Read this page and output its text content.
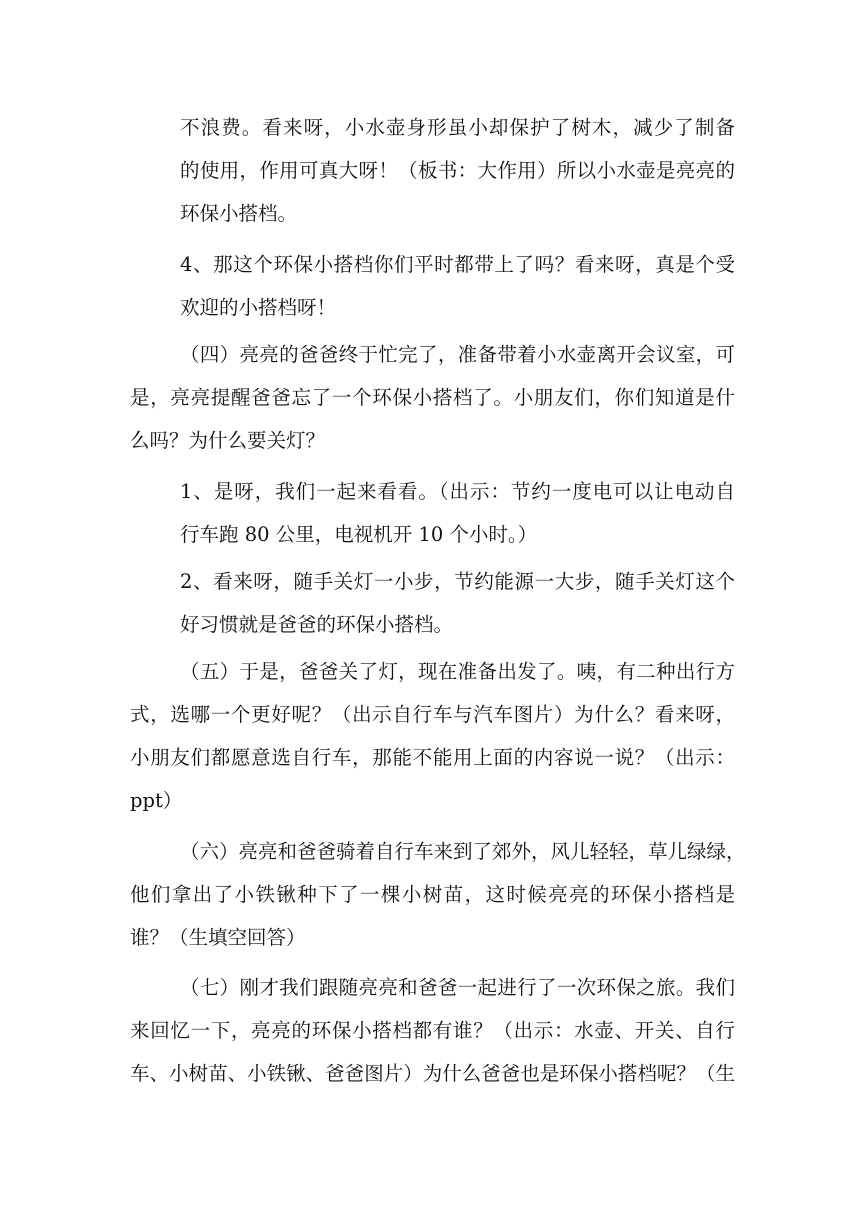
不浪费。看来呀，小水壶身形虽小却保护了树木，减少了制备
的使用，作用可真大呀！（板书：大作用）所以小水壶是亮亮的
环保小搭档。
4、那这个环保小搭档你们平时都带上了吗？看来呀，真是个受
欢迎的小搭档呀！
（四）亮亮的爸爸终于忙完了，准备带着小水壶离开会议室，可
是，亮亮提醒爸爸忘了一个环保小搭档了。小朋友们，你们知道是什
么吗？为什么要关灯？
1、是呀，我们一起来看看。（出示：节约一度电可以让电动自
行车跑 80 公里，电视机开 10 个小时。）
2、看来呀，随手关灯一小步，节约能源一大步，随手关灯这个
好习惯就是爸爸的环保小搭档。
（五）于是，爸爸关了灯，现在准备出发了。咦，有二种出行方
式，选哪一个更好呢？（出示自行车与汽车图片）为什么？看来呀，
小朋友们都愿意选自行车，那能不能用上面的内容说一说？（出示：
ppt）
（六）亮亮和爸爸骑着自行车来到了郊外，风儿轻轻，草儿绿绿，
他们拿出了小铁锹种下了一棵小树苗，这时候亮亮的环保小搭档是
谁？（生填空回答）
（七）刚才我们跟随亮亮和爸爸一起进行了一次环保之旅。我们
来回忆一下，亮亮的环保小搭档都有谁？（出示：水壶、开关、自行
车、小树苗、小铁锹、爸爸图片）为什么爸爸也是环保小搭档呢？（生
